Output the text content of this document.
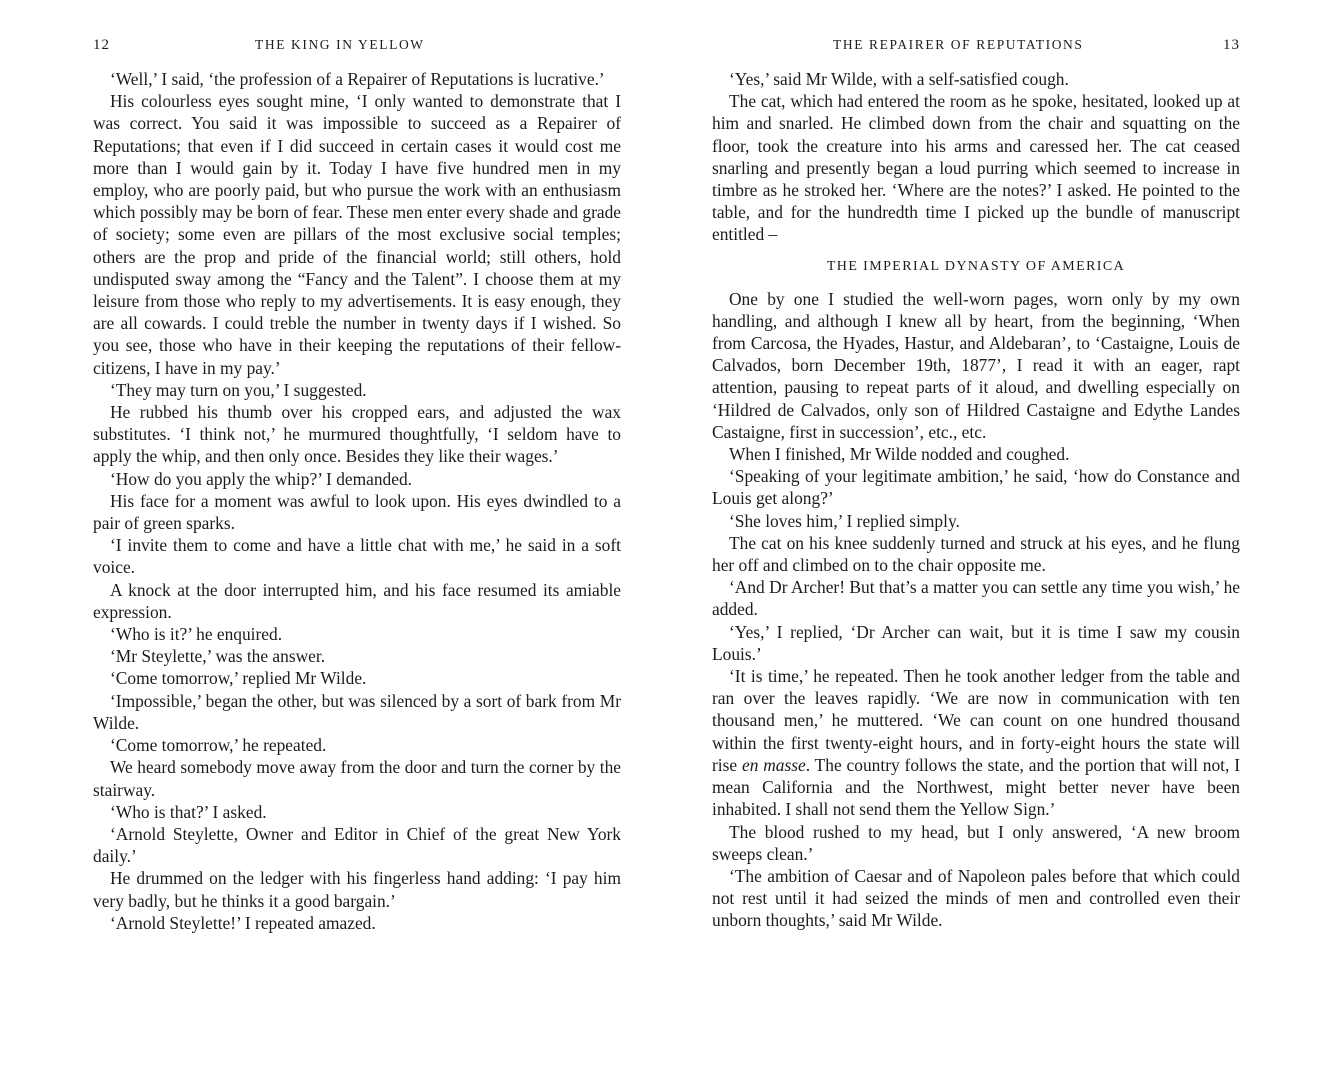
12	THE KING IN YELLOW

‘Well,’ I said, ‘the profession of a Repairer of Reputations is lucrative.’

His colourless eyes sought mine, ‘I only wanted to demonstrate that I was correct. You said it was impossible to succeed as a Repairer of Reputations; that even if I did succeed in certain cases it would cost me more than I would gain by it. Today I have five hundred men in my employ, who are poorly paid, but who pursue the work with an enthusiasm which possibly may be born of fear. These men enter every shade and grade of society; some even are pillars of the most exclusive social temples; others are the prop and pride of the financial world; still others, hold undisputed sway among the “Fancy and the Talent”. I choose them at my leisure from those who reply to my advertisements. It is easy enough, they are all cowards. I could treble the number in twenty days if I wished. So you see, those who have in their keeping the reputations of their fellow-citizens, I have in my pay.’

‘They may turn on you,’ I suggested.

He rubbed his thumb over his cropped ears, and adjusted the wax substitutes. ‘I think not,’ he murmured thoughtfully, ‘I seldom have to apply the whip, and then only once. Besides they like their wages.’

‘How do you apply the whip?’ I demanded.

His face for a moment was awful to look upon. His eyes dwindled to a pair of green sparks.

‘I invite them to come and have a little chat with me,’ he said in a soft voice.

A knock at the door interrupted him, and his face resumed its amiable expression.

‘Who is it?’ he enquired.

‘Mr Steylette,’ was the answer.

‘Come tomorrow,’ replied Mr Wilde.

‘Impossible,’ began the other, but was silenced by a sort of bark from Mr Wilde.

‘Come tomorrow,’ he repeated.

We heard somebody move away from the door and turn the corner by the stairway.

‘Who is that?’ I asked.

‘Arnold Steylette, Owner and Editor in Chief of the great New York daily.’

He drummed on the ledger with his fingerless hand adding: ‘I pay him very badly, but he thinks it a good bargain.’

‘Arnold Steylette!’ I repeated amazed.

THE REPAIRER OF REPUTATIONS	13

‘Yes,’ said Mr Wilde, with a self-satisfied cough.

The cat, which had entered the room as he spoke, hesitated, looked up at him and snarled. He climbed down from the chair and squatting on the floor, took the creature into his arms and caressed her. The cat ceased snarling and presently began a loud purring which seemed to increase in timbre as he stroked her. ‘Where are the notes?’ I asked. He pointed to the table, and for the hundredth time I picked up the bundle of manuscript entitled –

THE IMPERIAL DYNASTY OF AMERICA

One by one I studied the well-worn pages, worn only by my own handling, and although I knew all by heart, from the beginning, ‘When from Carcosa, the Hyades, Hastur, and Aldebaran’, to ‘Castaigne, Louis de Calvados, born December 19th, 1877’, I read it with an eager, rapt attention, pausing to repeat parts of it aloud, and dwelling especially on ‘Hildred de Calvados, only son of Hildred Castaigne and Edythe Landes Castaigne, first in succession’, etc., etc.

When I finished, Mr Wilde nodded and coughed.

‘Speaking of your legitimate ambition,’ he said, ‘how do Constance and Louis get along?’

‘She loves him,’ I replied simply.

The cat on his knee suddenly turned and struck at his eyes, and he flung her off and climbed on to the chair opposite me.

‘And Dr Archer! But that’s a matter you can settle any time you wish,’ he added.

‘Yes,’ I replied, ‘Dr Archer can wait, but it is time I saw my cousin Louis.’

‘It is time,’ he repeated. Then he took another ledger from the table and ran over the leaves rapidly. ‘We are now in communication with ten thousand men,’ he muttered. ‘We can count on one hundred thousand within the first twenty-eight hours, and in forty-eight hours the state will rise en masse. The country follows the state, and the portion that will not, I mean California and the Northwest, might better never have been inhabited. I shall not send them the Yellow Sign.’

The blood rushed to my head, but I only answered, ‘A new broom sweeps clean.’

‘The ambition of Caesar and of Napoleon pales before that which could not rest until it had seized the minds of men and controlled even their unborn thoughts,’ said Mr Wilde.
